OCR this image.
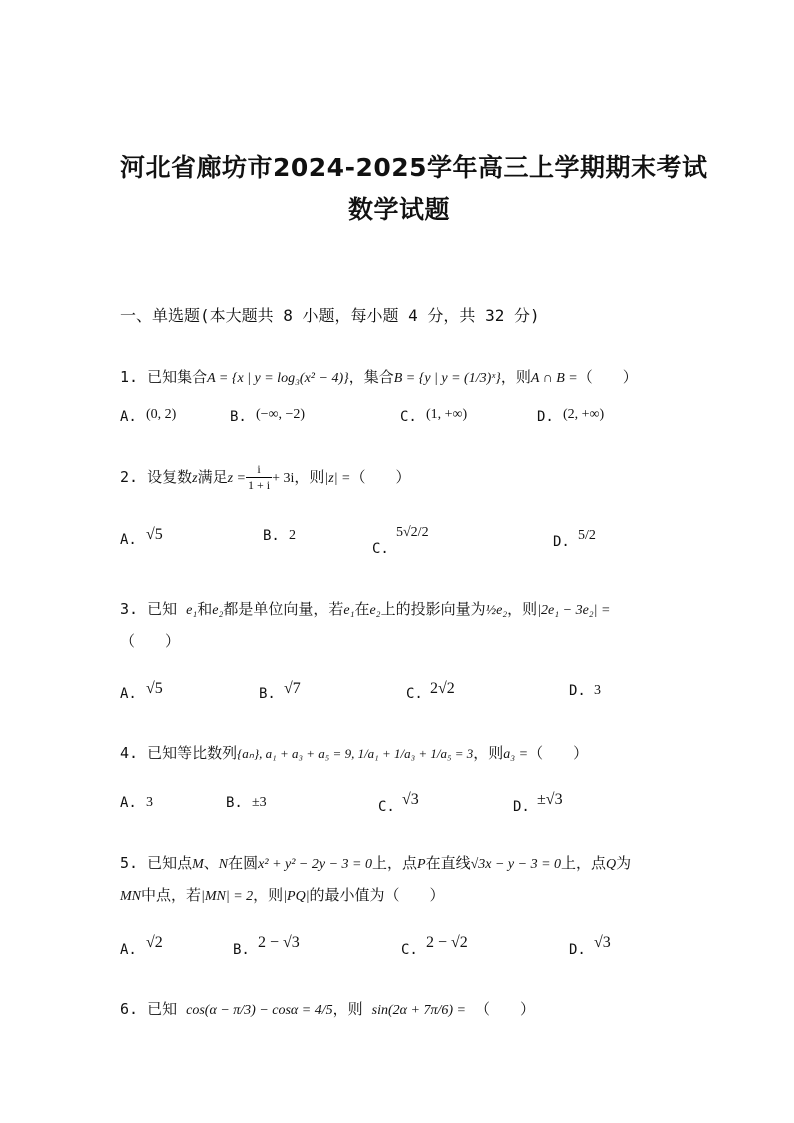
河北省廊坊市2024-2025学年高三上学期期末考试
数学试题
一、单选题(本大题共 8 小题，每小题 4 分，共 32 分)
1. 已知集合A = {x | y = log₃(x² − 4)}，集合B = {y | y = (1/3)ˣ}，则A ∩ B =（　　）
A. (0, 2)	B. (−∞, −2)	C. (1, +∞)	D. (2, +∞)
2. 设复数z满足$z = \frac{i}{1 + i} + 3i$，则|z| =（　　）
A. √5	B. 2
C.
5√2/2
D. 5/2
3. 已知 e₁和e₂都是单位向量，若e₁在e₂上的投影向量为½e₂，则|2e₁ − 3e₂| =
（　　）
A. √5	B. √7	C. 2√2	D. 3
4. 已知等比数列{aₙ}, a₁ + a₃ + a₅ = 9, 1/a₁ + 1/a₃ + 1/a₅ = 3，则a₃ =（　　）
A. 3	B. ±3	C. √3	D. ±√3
5. 已知点M、N在圆x² + y² − 2y − 3 = 0上，点P在直线√3x − y − 3 = 0上，点Q为
MN中点，若|MN| = 2，则|PQ|的最小值为（　　）
A. √2	B. 2 − √3	C. 2 − √2	D. √3
6. 已知 cos(α − π/3) − cosα = 4/5，则 sin(2α + 7π/6) = （　　）
